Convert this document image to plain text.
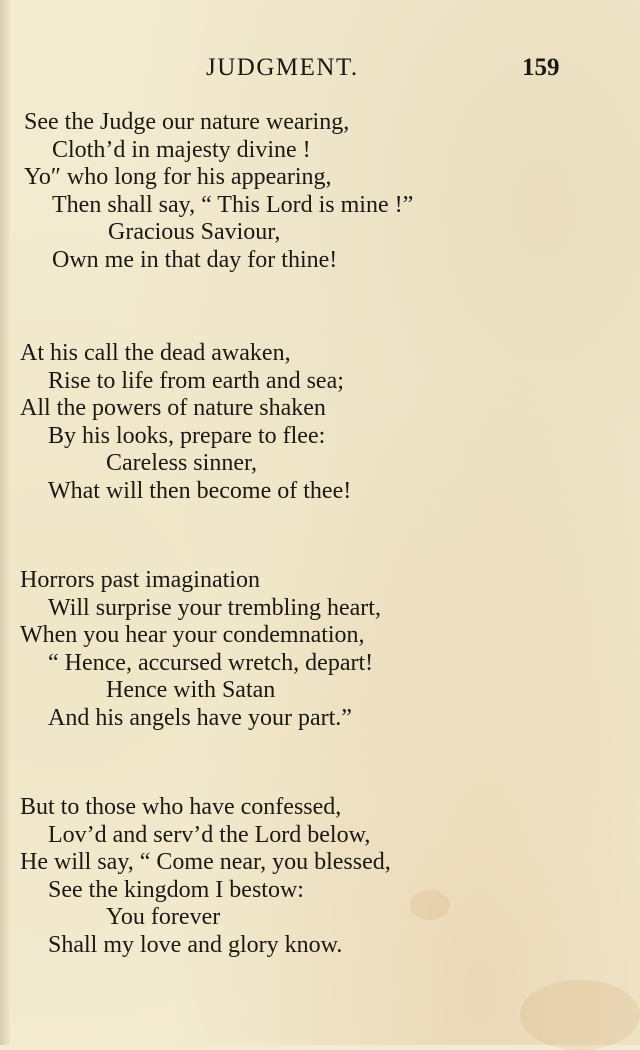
JUDGMENT.	159
See the Judge our nature wearing,
Cloth’d in majesty divine !
Yo″ who long for his appearing,
Then shall say, “ This Lord is mine !”
Gracious Saviour,
Own me in that day for thine!
At his call the dead awaken,
Rise to life from earth and sea;
All the powers of nature shaken
By his looks, prepare to flee:
Careless sinner,
What will then become of thee!
Horrors past imagination
Will surprise your trembling heart,
When you hear your condemnation,
“ Hence, accursed wretch, depart!
Hence with Satan
And his angels have your part.”
But to those who have confessed,
Lov’d and serv’d the Lord below,
He will say, “ Come near, you blessed,
See the kingdom I bestow:
You forever
Shall my love and glory know.
